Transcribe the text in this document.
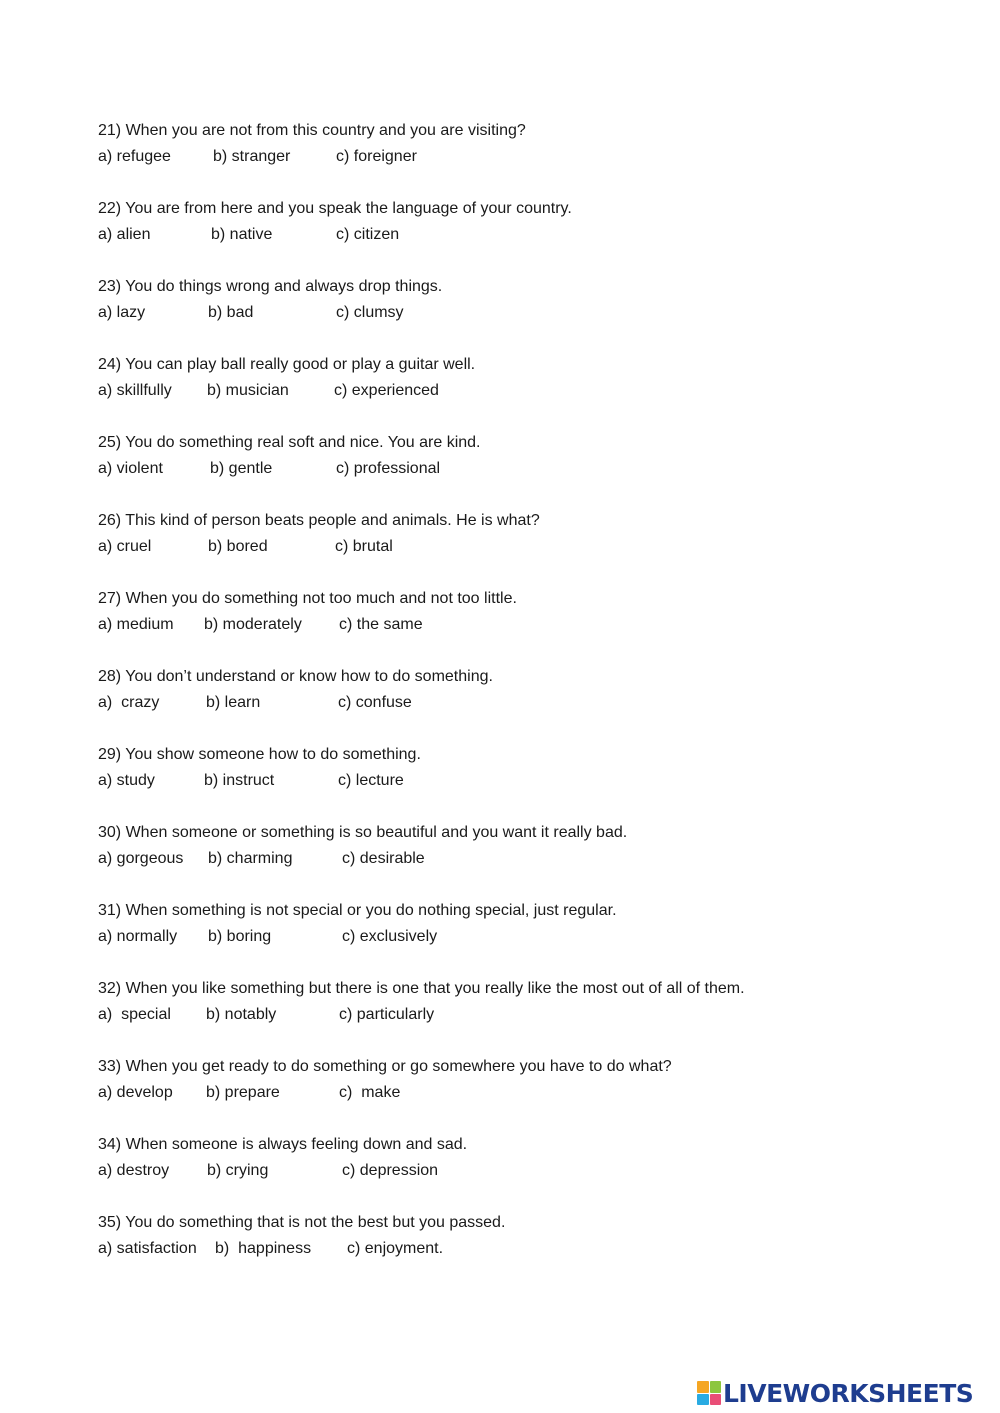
21) When you are not from this country and you are visiting?
a) refugee	b) stranger	c) foreigner
22) You are from here and you speak the language of your country.
a) alien	b) native	c) citizen
23) You do things wrong and always drop things.
a) lazy	b) bad	c) clumsy
24) You can play ball really good or play a guitar well.
a) skillfully b) musician	c) experienced
25) You do something real soft and nice. You are kind.
a) violent	b) gentle	c) professional
26) This kind of person beats people and animals. He is what?
a) cruel	b) bored	c) brutal
27) When you do something not too much and not too little.
a) medium b) moderately c) the same
28) You don’t understand or know how to do something.
a)  crazy	b) learn	c) confuse
29) You show someone how to do something.
a) study	b) instruct	c) lecture
30) When someone or something is so beautiful and you want it really bad.
a) gorgeous b) charming	c) desirable
31) When something is not special or you do nothing special, just regular.
a) normally b) boring	c) exclusively
32) When you like something but there is one that you really like the most out of all of them.
a)  special b) notably	c) particularly
33) When you get ready to do something or go somewhere you have to do what?
a) develop b) prepare	c)  make
34) When someone is always feeling down and sad.
a) destroy b) crying	c) depression
35) You do something that is not the best but you passed.
a) satisfaction b)  happiness c) enjoyment.
LIVEWORKSHEETS
